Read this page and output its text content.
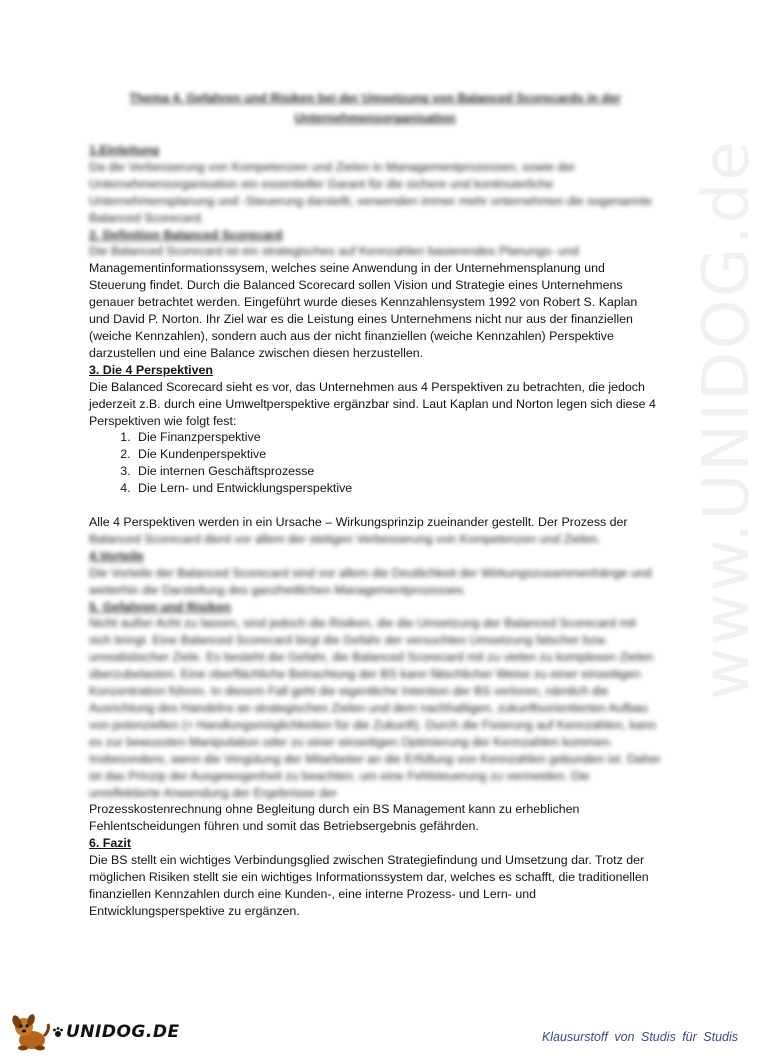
Thema 4. Gefahren und Risiken bei der Umsetzung von Balanced Scorecards in der
Unternehmensorganisation
1.Einleitung

Da die Verbesserung von Kompetenzen und Zielen in Managementprozessen, sowie der Unternehmensorganisation ein essentieller Garant für die sichere und kontinuierliche Unternehmensplanung und -Steuerung darstellt, verwenden immer mehr unternehmen die sogenannte Balanced Scorecard.

2. Definition Balanced Scorecard

Die Balanced Scorecard ist ein strategisches auf Kennzahlen basierendes Planungs- und

Managementinformationssysem, welches seine Anwendung in der Unternehmensplanung und Steuerung findet. Durch die Balanced Scorecard sollen Vision und Strategie eines Unternehmens genauer betrachtet werden. Eingeführt wurde dieses Kennzahlensystem 1992 von Robert S. Kaplan und David P. Norton. Ihr Ziel war es die Leistung eines Unternehmens nicht nur aus der finanziellen (weiche Kennzahlen), sondern auch aus der nicht finanziellen (weiche Kennzahlen) Perspektive darzustellen und eine Balance zwischen diesen herzustellen.

3. Die 4 Perspektiven

Die Balanced Scorecard sieht es vor, das Unternehmen aus 4 Perspektiven zu betrachten, die jedoch jederzeit z.B. durch eine Umweltperspektive ergänzbar sind. Laut Kaplan und Norton legen sich diese 4 Perspektiven wie folgt fest:

1. Die Finanzperspektive
2. Die Kundenperspektive
3. Die internen Geschäftsprozesse
4. Die Lern- und Entwicklungsperspektive

Alle 4 Perspektiven werden in ein Ursache – Wirkungsprinzip zueinander gestellt. Der Prozess der

Balanced Scorecard dient vor allem der stetigen Verbesserung von Kompetenzen und Zielen.

4.Vorteile

Die Vorteile der Balanced Scorecard sind vor allem die Deutlichkeit der Wirkungszusammenhänge und weiterhin die Darstellung des ganzheitlichen Managementprozesses.

5. Gefahren und Risiken

Nicht außer Acht zu lassen, sind jedoch die Risiken, die die Umsetzung der Balanced Scorecard mit sich bringt. Eine Balanced Scorecard birgt die Gefahr der versuchten Umsetzung falscher bzw. unrealistischer Ziele. Es besteht die Gefahr, die Balanced Scorecard mit zu vielen zu komplexen Zielen überzubelasten. Eine oberflächliche Betrachtung der BS kann fälschlicher Weise zu einer einseitigen Konzentration führen. In diesem Fall geht die eigentliche Intention der BS verloren, nämlich die Ausrichtung des Handelns an strategischen Zielen und dem nachhaltigen, zukunftsorientierten Aufbau von potenziellen (= Handlungsmöglichkeiten für die Zukunft). Durch die Fixierung auf Kennzahlen, kann es zur bewussten Manipulation oder zu einer einseitigen Optimierung der Kennzahlen kommen. Insbesondere, wenn die Vergütung der Mitarbeiter an die Erfüllung von Kennzahlen gebunden ist. Daher ist das Prinzip der Ausgewogenheit zu beachten, um eine Fehlsteuerung zu vermeiden. Die unreflektierte Anwendung der Ergebnisse der

Prozesskostenrechnung ohne Begleitung durch ein BS Management kann zu erheblichen Fehlentscheidungen führen und somit das Betriebsergebnis gefährden.

6. Fazit

Die BS stellt ein wichtiges Verbindungsglied zwischen Strategiefindung und Umsetzung dar. Trotz der möglichen Risiken stellt sie ein wichtiges Informationssystem dar, welches es schafft, die traditionellen finanziellen Kennzahlen durch eine Kunden-, eine interne Prozess- und Lern- und Entwicklungsperspektive zu ergänzen.

www.UNIDOG.de
UNIDOG.DE	Klausurstoff von Studis für Studis
